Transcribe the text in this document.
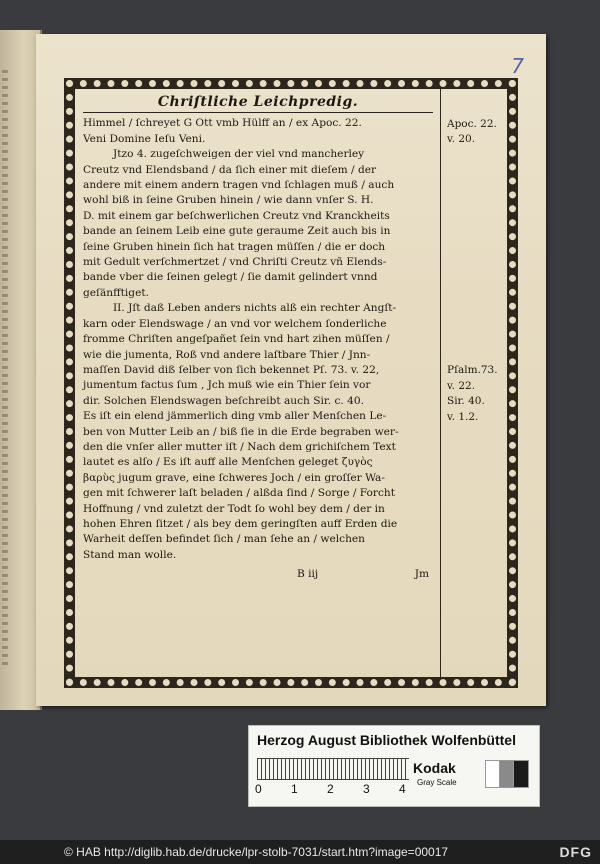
7
Chriſtliche Leichpredig.
Himmel / ſchreyet G Ott vmb Hülff an / ex Apoc. 22.
Veni Domine Ieſu Veni.
Jtzo 4. zugeſchweigen der viel vnd mancherley
Creutz vnd Elendsband / da ſich einer mit dieſem / der
andere mit einem andern tragen vnd ſchlagen muß / auch
wohl biß in ſeine Gruben hinein / wie dann vnſer S. H.
D. mit einem gar beſchwerlichen Creutz vnd Kranckheits
bande an ſeinem Leib eine gute geraume Zeit auch bis in
ſeine Gruben hinein ſich hat tragen müſſen / die er doch
mit Gedult verſchmertzet / vnd Chriſti Creutz vñ Elends-
bande vber die ſeinen gelegt / ſie damit gelindert vnnd
geſänfftiget.
II. Jſt daß Leben anders nichts alß ein rechter Angſt-
karn oder Elendswage / an vnd vor welchem ſonderliche
fromme Chriſten angeſpañet ſein vnd hart zihen müſſen /
wie die jumenta, Roß vnd andere laſtbare Thier / Jnn-
maſſen David diß ſelber von ſich bekennet Pſ. 73. v. 22,
jumentum factus ſum , Jch muß wie ein Thier ſein vor
dir. Solchen Elendswagen beſchreibt auch Sir. c. 40.
Es iſt ein elend jämmerlich ding vmb aller Menſchen Le-
ben von Mutter Leib an / biß ſie in die Erde begraben wer-
den die vnſer aller mutter iſt / Nach dem grichiſchem Text
lautet es alſo / Es iſt auff alle Menſchen geleget ζυγὸς
βαρὺς jugum grave, eine ſchweres Joch / ein groſſer Wa-
gen mit ſchwerer laſt beladen / alßda ſind / Sorge / Forcht
Hoffnung / vnd zuletzt der Todt ſo wohl bey dem / der in
hohen Ehren ſitzet / als bey dem geringſten auff Erden die
Warheit deſſen befindet ſich / man ſehe an / welchen
Stand man wolle.
B iij	Jm

Apoc. 22.
v. 20.
Pſalm.73.
v. 22.
Sir. 40.
v. 1.2.
Herzog August Bibliothek Wolfenbüttel
0 1 2 3 4
Kodak
Gray Scale
© HAB http://diglib.hab.de/drucke/lpr-stolb-7031/start.htm?image=00017	DFG
